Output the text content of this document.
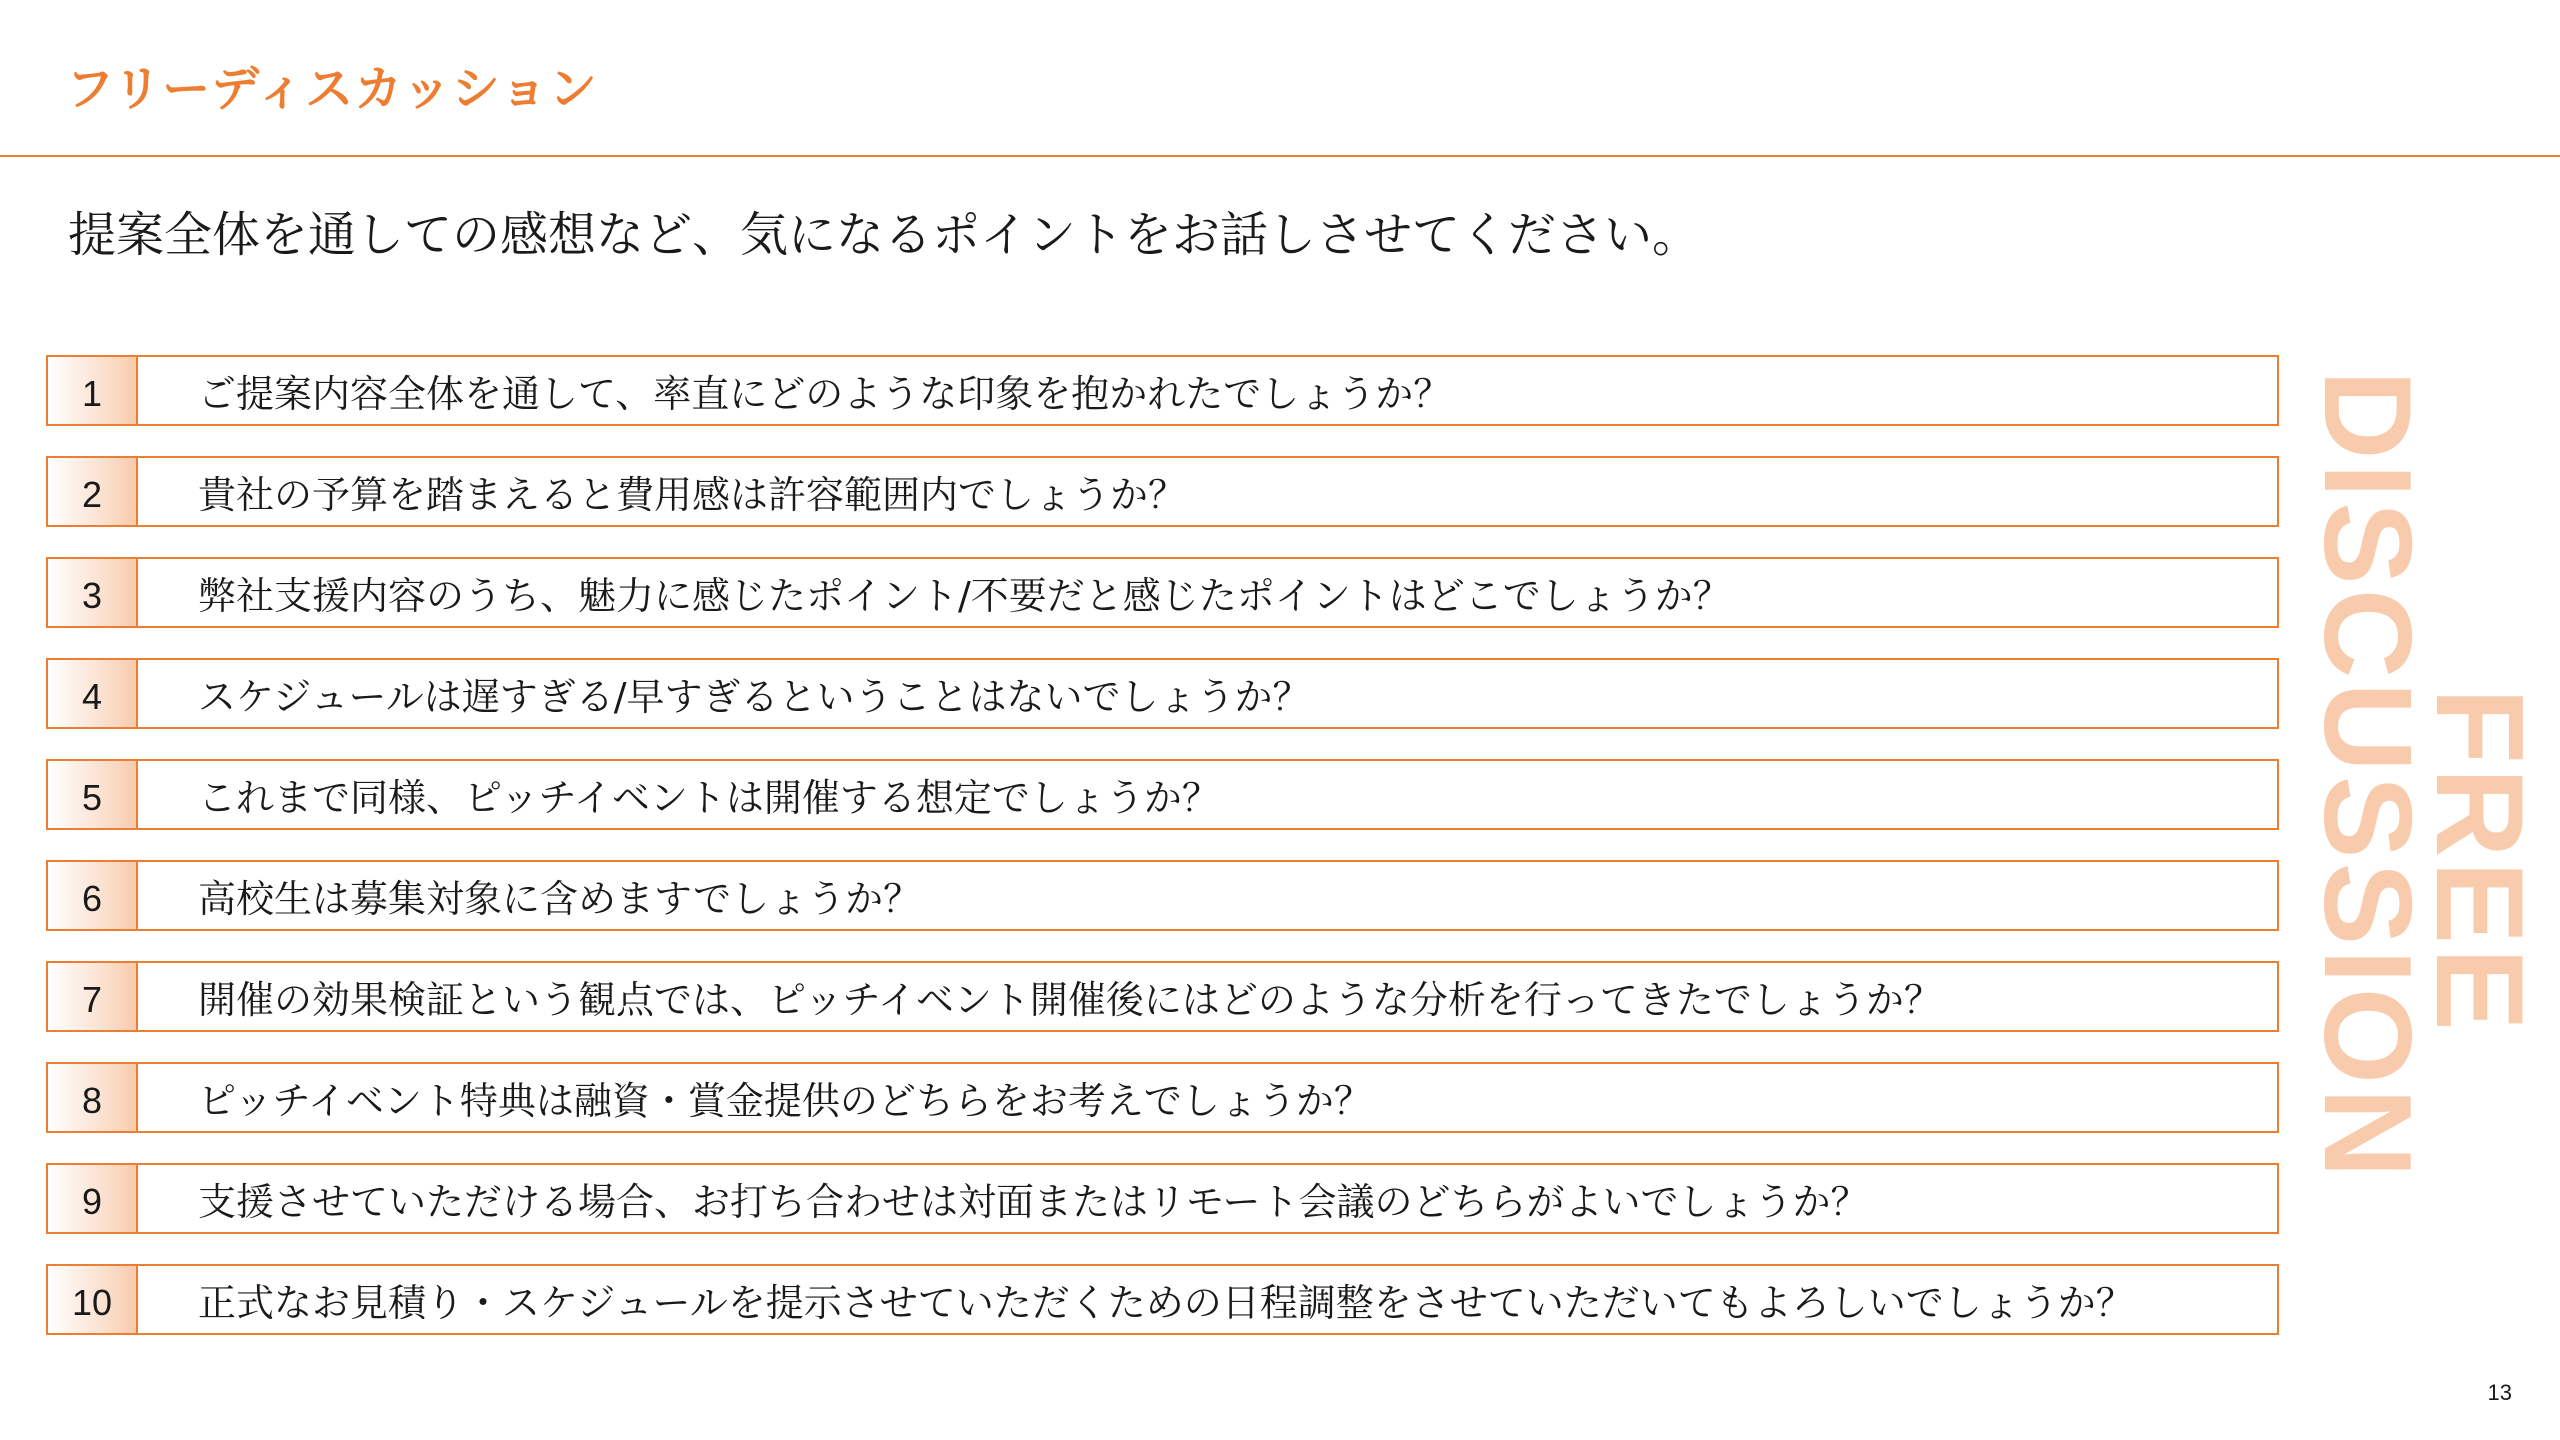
フリーディスカッション
提案全体を通しての感想など、気になるポイントをお話しさせてください。
1	ご提案内容全体を通して、率直にどのような印象を抱かれたでしょうか？
2	貴社の予算を踏まえると費用感は許容範囲内でしょうか？
3	弊社支援内容のうち、魅力に感じたポイント/不要だと感じたポイントはどこでしょうか？
4	スケジュールは遅すぎる/早すぎるということはないでしょうか？
5	これまで同様、ピッチイベントは開催する想定でしょうか？
6	高校生は募集対象に含めますでしょうか？
7	開催の効果検証という観点では、ピッチイベント開催後にはどのような分析を行ってきたでしょうか？
8	ピッチイベント特典は融資・賞金提供のどちらをお考えでしょうか？
9	支援させていただける場合、お打ち合わせは対面またはリモート会議のどちらがよいでしょうか？
10	正式なお見積り・スケジュールを提示させていただくための日程調整をさせていただいてもよろしいでしょうか？
FREE
DISCUSSION
13
